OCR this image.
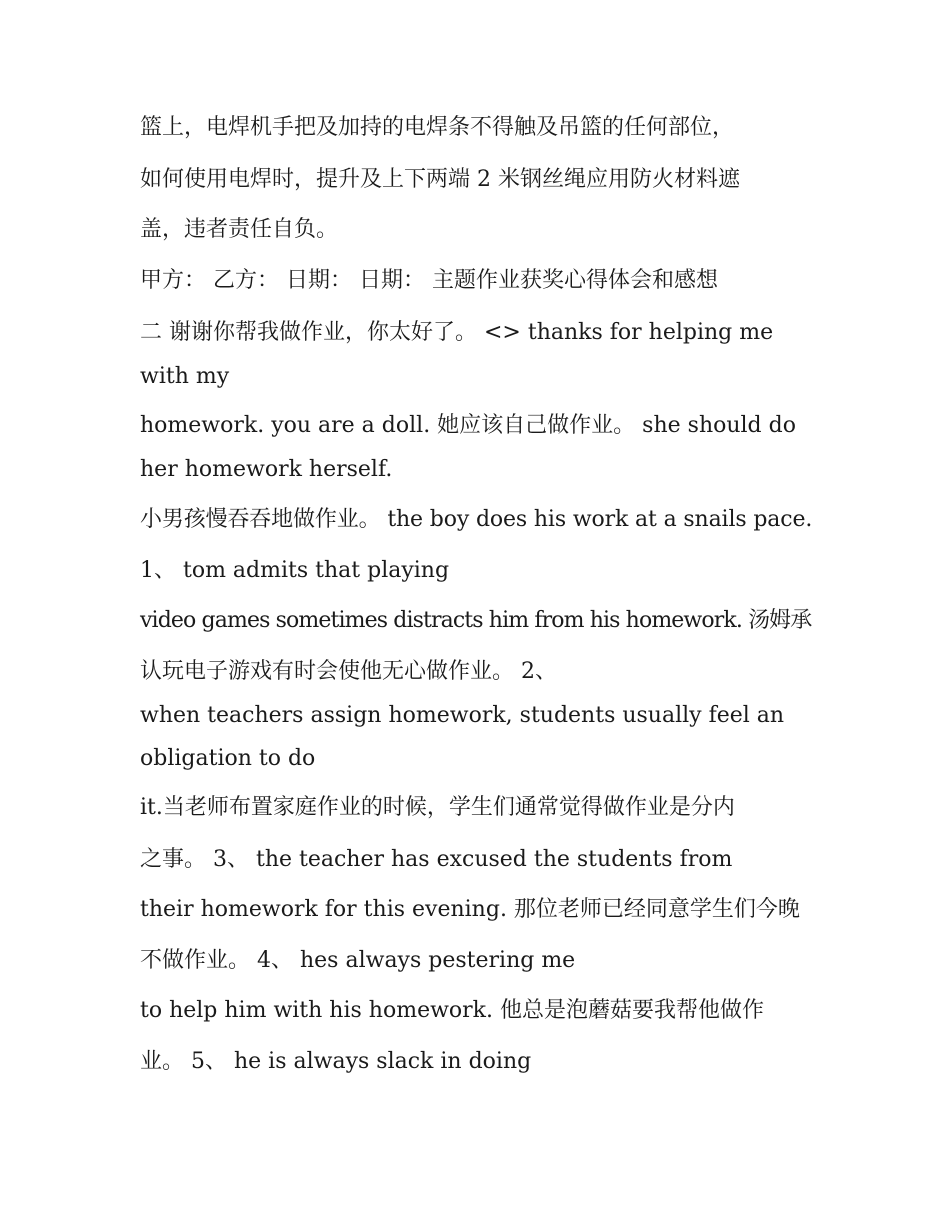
篮上，电焊机手把及加持的电焊条不得触及吊篮的任何部位，
如何使用电焊时，提升及上下两端 2 米钢丝绳应用防火材料遮
盖，违者责任自负。
甲方： 乙方： 日期： 日期： 主题作业获奖心得体会和感想
二 谢谢你帮我做作业，你太好了。 <> thanks for helping me
with my
homework. you are a doll. 她应该自己做作业。 she should do
her homework herself.
小男孩慢吞吞地做作业。 the boy does his work at a snails pace.
1、 tom admits that playing
video games sometimes distracts him from his homework. 汤姆承
认玩电子游戏有时会使他无心做作业。 2、
when teachers assign homework, students usually feel an
obligation to do
it.当老师布置家庭作业的时候，学生们通常觉得做作业是分内
之事。 3、 the teacher has excused the students from
their homework for this evening. 那位老师已经同意学生们今晚
不做作业。 4、 hes always pestering me
to help him with his homework. 他总是泡蘑菇要我帮他做作
业。 5、 he is always slack in doing
